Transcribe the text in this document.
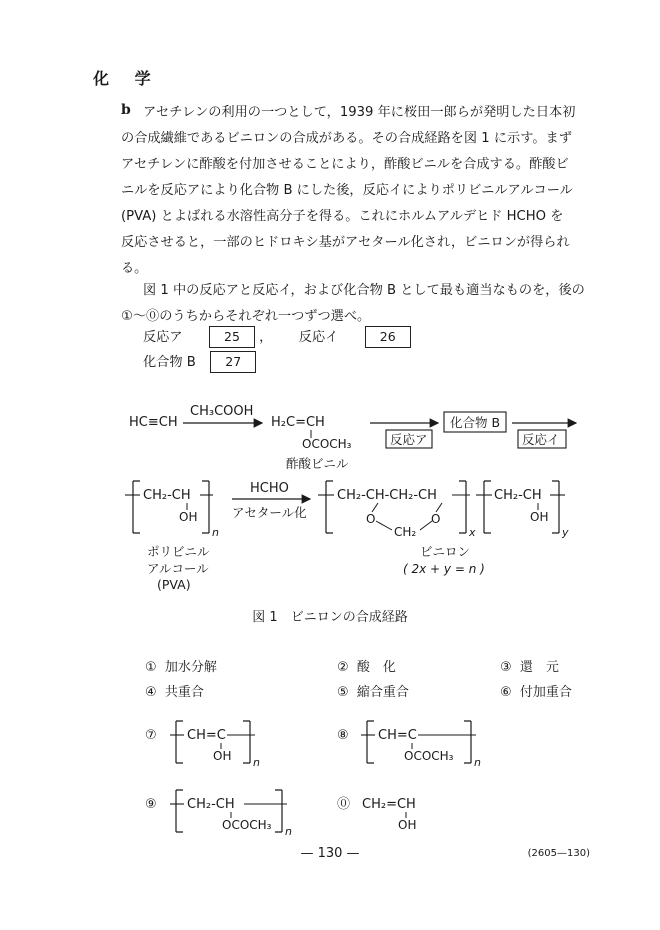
化 学
b アセチレンの利用の一つとして，1939 年に桜田一郎らが発明した日本初
の合成繊維であるビニロンの合成がある。その合成経路を図 1 に示す。まず
アセチレンに酢酸を付加させることにより，酢酸ビニルを合成する。酢酸ビ
ニルを反応アにより化合物 B にした後，反応イによりポリビニルアルコール
(PVA) とよばれる水溶性高分子を得る。これにホルムアルデヒド HCHO を
反応させると，一部のヒドロキシ基がアセタール化され，ビニロンが得られ
る。
図 1 中の反応アと反応イ，および化合物 B として最も適当なものを，後の
①～⓪のうちからそれぞれ一つずつ選べ。
反応ア	25 ， 反応イ	26
化合物 B 27
HC≡CH
CH₃COOH
H₂C=CH
OCOCH₃
酢酸ビニル
化合物 B
反応ア	反応イ
CH₂-CH
OH
n
HCHO
アセタール化
CH₂-CH-CH₂-CH
O	O
CH₂	x
CH₂-CH
OH
y
ポリビニル
アルコール
(PVA)
ビニロン
( 2x + y = n )
図 1　ビニロンの合成経路
① 加水分解	② 酸　化	③ 還　元
④ 共重合	⑤ 縮合重合	⑥ 付加重合
⑦ CH=C
OH n
⑧ CH=C
OCOCH₃ n
⑨ CH₂-CH
OCOCH₃ n
⓪ CH₂=CH
OH
— 130 —	(2605—130)
